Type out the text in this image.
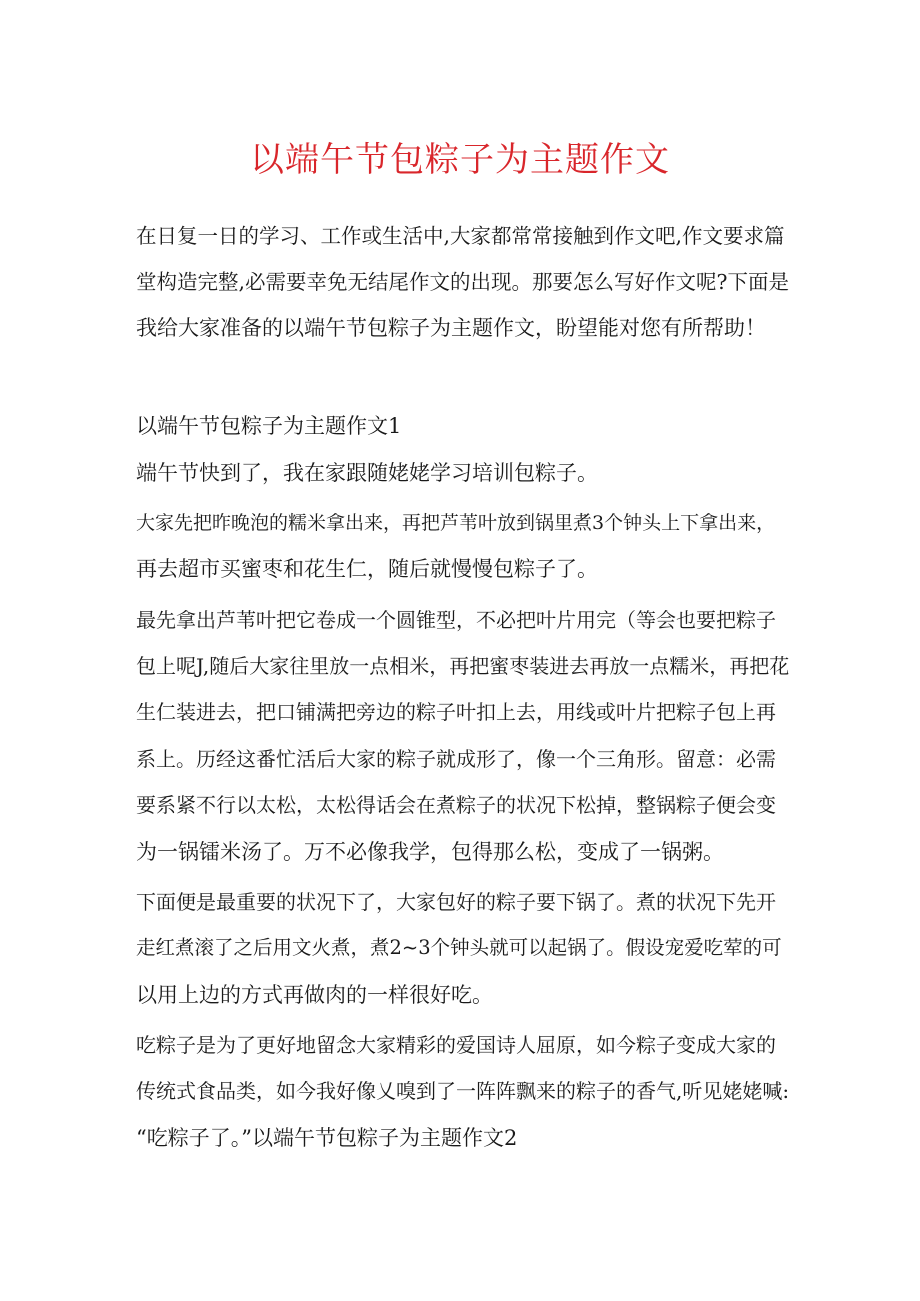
以端午节包粽子为主题作文

在日复一日的学习、工作或生活中,大家都常常接触到作文吧,作文要求篇

堂构造完整,必需要幸免无结尾作文的出现。那要怎么写好作文呢?下面是

我给大家准备的以端午节包粽子为主题作文，盼望能对您有所帮助！

以端午节包粽子为主题作文1

端午节快到了，我在家跟随姥姥学习培训包粽子。

大家先把昨晚泡的糯米拿出来，再把芦苇叶放到锅里煮3个钟头上下拿出来，

再去超市买蜜枣和花生仁，随后就慢慢包粽子了。

最先拿出芦苇叶把它卷成一个圆锥型，不必把叶片用完（等会也要把粽子

包上呢J,随后大家往里放一点相米，再把蜜枣装进去再放一点糯米，再把花

生仁装进去，把口铺满把旁边的粽子叶扣上去，用线或叶片把粽子包上再

系上。历经这番忙活后大家的粽子就成形了，像一个三角形。留意：必需

要系紧不行以太松，太松得话会在煮粽子的状况下松掉，整锅粽子便会变

为一锅镭米汤了。万不必像我学，包得那么松，变成了一锅粥。

下面便是最重要的状况下了，大家包好的粽子要下锅了。煮的状况下先开

走红煮滚了之后用文火煮，煮2~3个钟头就可以起锅了。假设宠爱吃荤的可

以用上边的方式再做肉的一样很好吃。

吃粽子是为了更好地留念大家精彩的爱国诗人屈原，如今粽子变成大家的

传统式食品类，如今我好像乂嗅到了一阵阵飘来的粽子的香气,听见姥姥喊:

“吃粽子了。”以端午节包粽子为主题作文2
